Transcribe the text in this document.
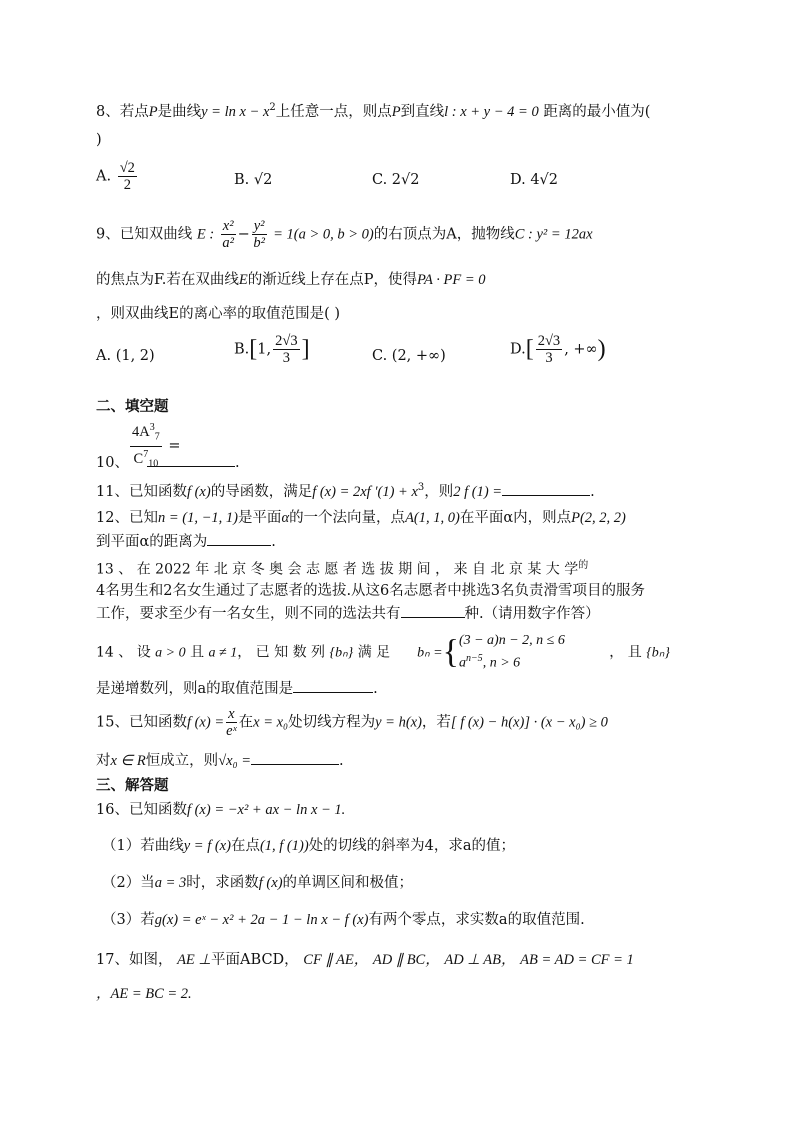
8、若点P是曲线$y = \ln x - x^2$上任意一点，则点P到直线l : x + y − 4 = 0 距离的最小值为(
)
A. $\frac{√2}{2}$	B. √2	C. 2√2	D. 4√2
9、已知双曲线 E : $\frac{\text{x²}}{\text{a²}} - \frac{\text{y²}}{\text{b²}} = 1(a > 0$, b > 0)的右顶点为A，抛物线C : y² = 12ax
的焦点为F.若在双曲线E的渐近线上存在点P，使得PA · PF = 0
，则双曲线E的离心率的取值范围是( )
A. (1, 2)	B.[1, $\frac{2√3}{3}$ ]	C. (2, +∞)	$D.[ \frac{2√3}{3}$ , +∞)
二、填空题
$\frac{4A^3_7}{C^7_{10}}$ =
10、	.
11、已知函数f (x)的导函数，满足f (x) = 2xf $'(1) + x^3$，则2 f (1) =	.
12、已知n = (1, −1, 1)是平面α的一个法向量，点A(1, 1, 0)在平面α内，则点P(2, 2, 2)
到平面α的距离为	.
13 、 在 2022 年 北 京 冬 奥 会 志 愿 者 选 拔 期 间 ， 来 自 北 京 某 大 学$^的$
4名男生和2名女生通过了志愿者的选拔.从这6名志愿者中挑选3名负责滑雪项目的服务
工作，要求至少有一名女生，则不同的选法共有	种.（请用数字作答）
14 、 设 a > 0 且 a ≠ 1， 已 知 数 列 {bₙ} 满 足 bₙ ={ (3 − a)n − 2, n ≤ 6
$a^{n-5}$, n > 6
， 且 {bₙ}
是递增数列，则a的取值范围是	.
15、已知函数f $(x) = \frac{x}{\text{eˣ}}$ 在x = x₀处切线方程为y = h(x)，若[ f (x) − h(x)] · (x − x₀) ≥ 0
对x ∈ R恒成立，则√x₀ =	.
三、解答题
16、已知函数f (x) = −x² + ax − ln x − 1.
（1）若曲线y = f (x)在点(1, f (1))处的切线的斜率为4，求a的值；
（2）当a = 3时，求函数f (x)的单调区间和极值；
（3）若g(x) = eˣ − x² + 2a − 1 − ln x − f (x)有两个零点，求实数a的取值范围.
17、如图， AE ⊥平面ABCD， CF ∥ AE， AD ∥ BC， AD ⊥ AB， AB = AD = CF = 1
，AE = BC = 2.
